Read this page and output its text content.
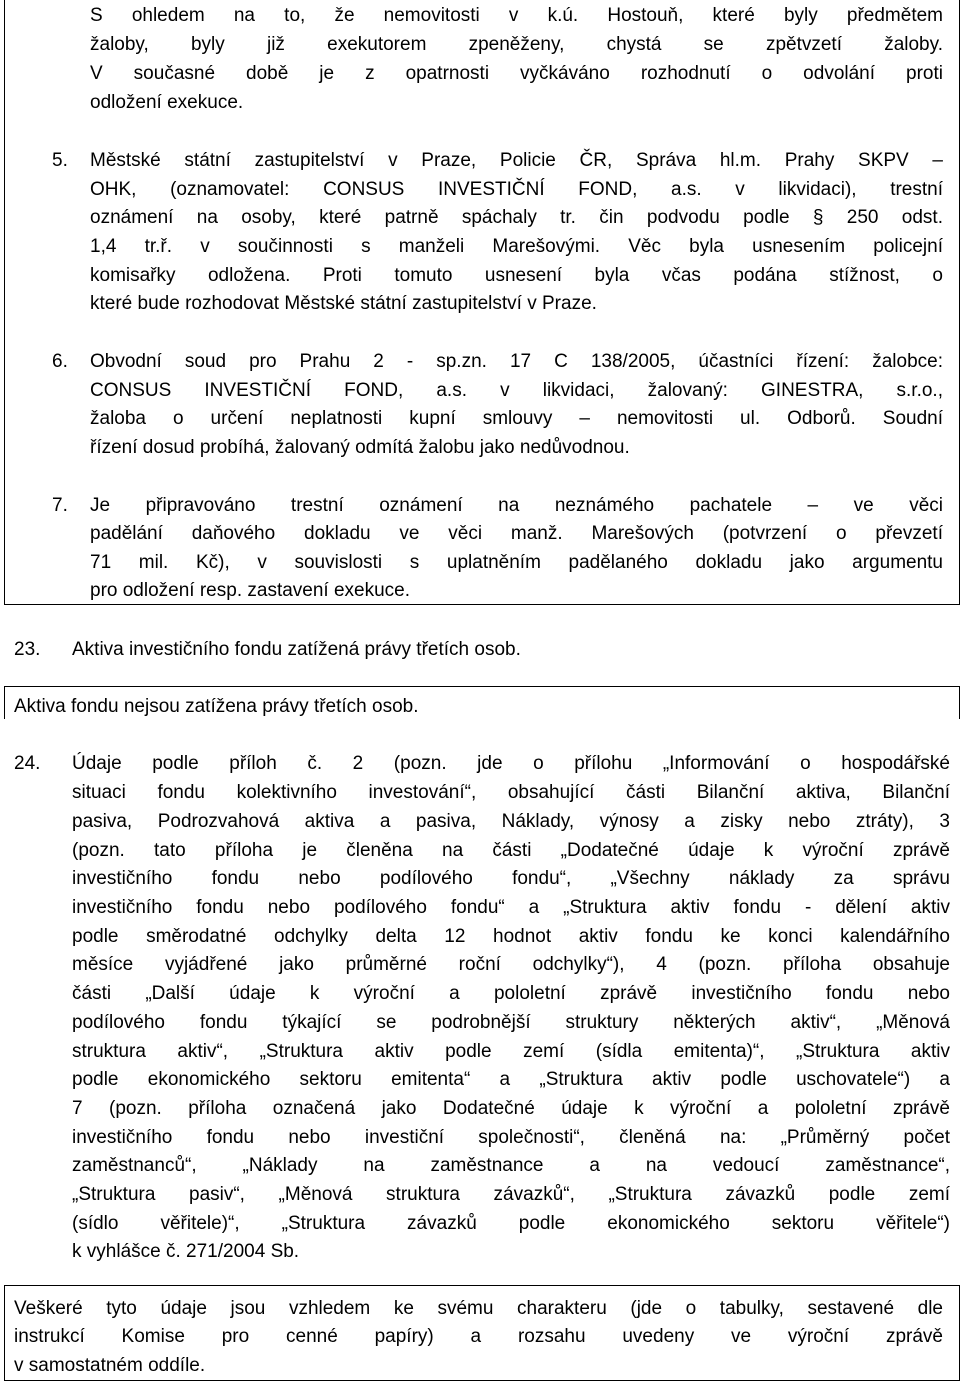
S ohledem na to, že nemovitosti v k.ú. Hostouň, které byly předmětem
žaloby, byly již exekutorem zpeněženy, chystá se zpětvzetí žaloby.
V současné době je z opatrnosti vyčkáváno rozhodnutí o odvolání proti
odložení exekuce.
5. Městské státní zastupitelství v Praze, Policie ČR, Správa hl.m. Prahy SKPV –
OHK, (oznamovatel: CONSUS INVESTIČNÍ FOND, a.s. v likvidaci), trestní
oznámení na osoby, které patrně spáchaly tr. čin podvodu podle § 250 odst.
1,4 tr.ř. v součinnosti s manželi Marešovými. Věc byla usnesením policejní
komisařky odložena. Proti tomuto usnesení byla včas podána stížnost, o
které bude rozhodovat Městské státní zastupitelství v Praze.
6. Obvodní soud pro Prahu 2 - sp.zn. 17 C 138/2005, účastníci řízení: žalobce:
CONSUS INVESTIČNÍ FOND, a.s. v likvidaci, žalovaný: GINESTRA, s.r.o.,
žaloba o určení neplatnosti kupní smlouvy – nemovitosti ul. Odborů. Soudní
řízení dosud probíhá, žalovaný odmítá žalobu jako nedůvodnou.
7. Je připravováno trestní oznámení na neznámého pachatele – ve věci
padělání daňového dokladu ve věci manž. Marešových (potvrzení o převzetí
71 mil. Kč), v souvislosti s uplatněním padělaného dokladu jako argumentu
pro odložení resp. zastavení exekuce.
23. Aktiva investičního fondu zatížená právy třetích osob.
Aktiva fondu nejsou zatížena právy třetích osob.
24. Údaje podle příloh č. 2 (pozn. jde o přílohu „Informování o hospodářské
situaci fondu kolektivního investování“, obsahující části Bilanční aktiva, Bilanční
pasiva, Podrozvahová aktiva a pasiva, Náklady, výnosy a zisky nebo ztráty), 3
(pozn. tato příloha je členěna na části „Dodatečné údaje k výroční zprávě
investičního fondu nebo podílového fondu“, „Všechny náklady za správu
investičního fondu nebo podílového fondu“ a „Struktura aktiv fondu - dělení aktiv
podle směrodatné odchylky delta 12 hodnot aktiv fondu ke konci kalendářního
měsíce vyjádřené jako průměrné roční odchylky“), 4 (pozn. příloha obsahuje
části „Další údaje k výroční a pololetní zprávě investičního fondu nebo
podílového fondu týkající se podrobnější struktury některých aktiv“, „Měnová
struktura aktiv“, „Struktura aktiv podle zemí (sídla emitenta)“, „Struktura aktiv
podle ekonomického sektoru emitenta“ a „Struktura aktiv podle uschovatele“) a
7 (pozn. příloha označená jako Dodatečné údaje k výroční a pololetní zprávě
investičního fondu nebo investiční společnosti“, členěná na: „Průměrný počet
zaměstnanců“, „Náklady na zaměstnance a na vedoucí zaměstnance“,
„Struktura pasiv“, „Měnová struktura závazků“, „Struktura závazků podle zemí
(sídlo věřitele)“, „Struktura závazků podle ekonomického sektoru věřitele“)
k vyhlášce č. 271/2004 Sb.
Veškeré tyto údaje jsou vzhledem ke svému charakteru (jde o tabulky, sestavené dle
instrukcí Komise pro cenné papíry) a rozsahu uvedeny ve výroční zprávě
v samostatném oddíle.
